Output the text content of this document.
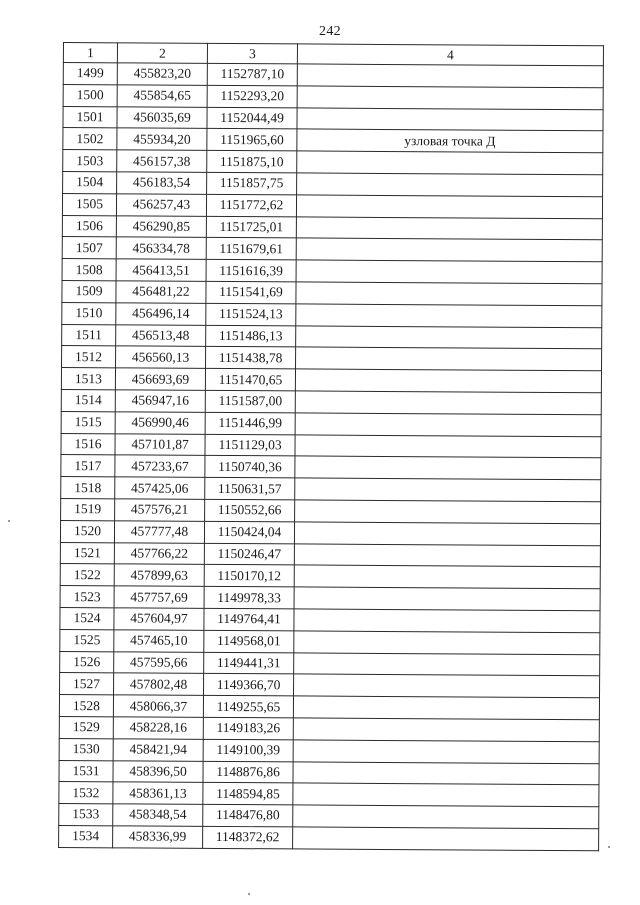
242
1	2	3	4
1499	455823,20	1152787,10	
1500	455854,65	1152293,20	
1501	456035,69	1152044,49	
1502	455934,20	1151965,60	узловая точка Д
1503	456157,38	1151875,10	
1504	456183,54	1151857,75	
1505	456257,43	1151772,62	
1506	456290,85	1151725,01	
1507	456334,78	1151679,61	
1508	456413,51	1151616,39	
1509	456481,22	1151541,69	
1510	456496,14	1151524,13	
1511	456513,48	1151486,13	
1512	456560,13	1151438,78	
1513	456693,69	1151470,65	
1514	456947,16	1151587,00	
1515	456990,46	1151446,99	
1516	457101,87	1151129,03	
1517	457233,67	1150740,36	
1518	457425,06	1150631,57	
1519	457576,21	1150552,66	
1520	457777,48	1150424,04	
1521	457766,22	1150246,47	
1522	457899,63	1150170,12	
1523	457757,69	1149978,33	
1524	457604,97	1149764,41	
1525	457465,10	1149568,01	
1526	457595,66	1149441,31	
1527	457802,48	1149366,70	
1528	458066,37	1149255,65	
1529	458228,16	1149183,26	
1530	458421,94	1149100,39	
1531	458396,50	1148876,86	
1532	458361,13	1148594,85	
1533	458348,54	1148476,80	
1534	458336,99	1148372,62	
